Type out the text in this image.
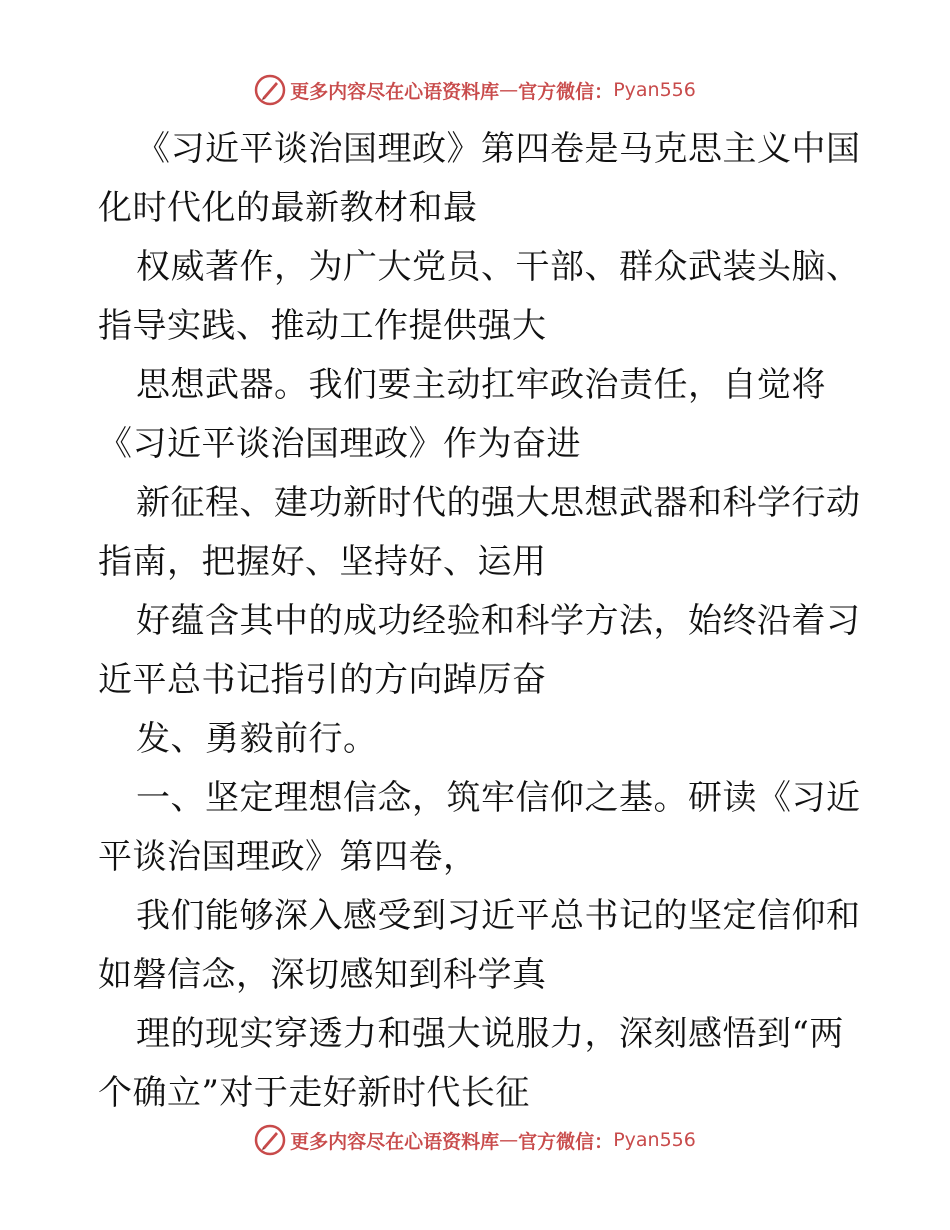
更多内容尽在心语资料库 — 官方微信： Pyan556
《习近平谈治国理政》第四卷是马克思主义中国
化时代化的最新教材和最
权威著作，为广大党员、干部、群众武装头脑、
指导实践、推动工作提供强大
思想武器。我们要主动扛牢政治责任，自觉将
《习近平谈治国理政》作为奋进
新征程、建功新时代的强大思想武器和科学行动
指南，把握好、坚持好、运用
好蕴含其中的成功经验和科学方法，始终沿着习
近平总书记指引的方向踔厉奋
发、勇毅前行。
一、坚定理想信念，筑牢信仰之基。研读《习近
平谈治国理政》第四卷，
我们能够深入感受到习近平总书记的坚定信仰和
如磐信念，深切感知到科学真
理的现实穿透力和强大说服力，深刻感悟到“两
个确立”对于走好新时代长征
更多内容尽在心语资料库 — 官方微信： Pyan556
